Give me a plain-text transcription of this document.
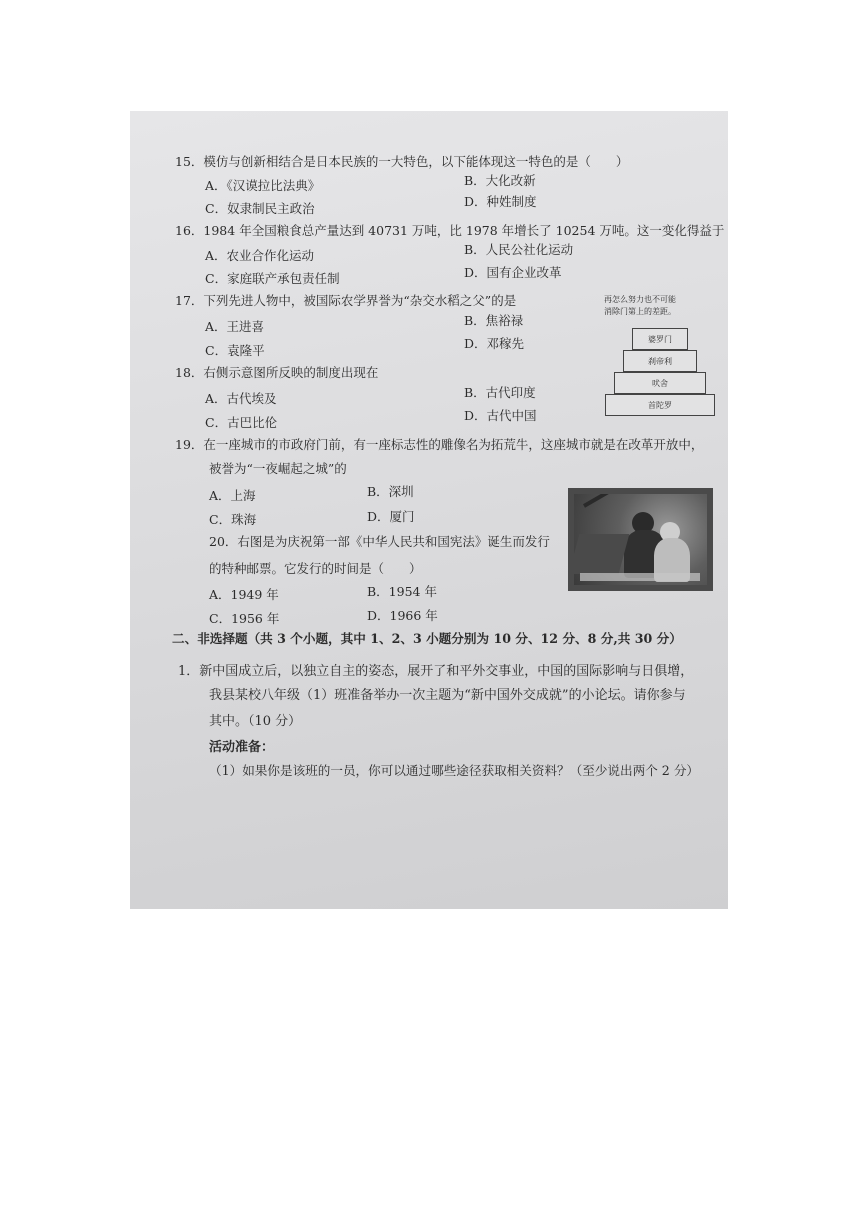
15．模仿与创新相结合是日本民族的一大特色，以下能体现这一特色的是（　　）
A．《汉谟拉比法典》	B．大化改新
C．奴隶制民主政治	D．种姓制度
16．1984 年全国粮食总产量达到 40731 万吨，比 1978 年增长了 10254 万吨。这一变化得益于
A．农业合作化运动	B．人民公社化运动
C．家庭联产承包责任制	D．国有企业改革
17．下列先进人物中，被国际农学界誉为“杂交水稻之父”的是
A．王进喜	B．焦裕禄
C．袁隆平	D．邓稼先
18．右侧示意图所反映的制度出现在
A．古代埃及	B．古代印度
C．古巴比伦	D．古代中国
再怎么努力也不可能
消除门第上的差距。
婆罗门
刹帝利
吠舍
首陀罗
19．在一座城市的市政府门前，有一座标志性的雕像名为拓荒牛，这座城市就是在改革开放中，
被誉为“一夜崛起之城”的
A．上海	B．深圳
C．珠海	D．厦门
20．右图是为庆祝第一部《中华人民共和国宪法》诞生而发行
的特种邮票。它发行的时间是（　　）
A．1949 年	B．1954 年
C．1956 年	D．1966 年
二、非选择题（共 3 个小题，其中 1、2、3 小题分别为 10 分、12 分、8 分,共 30 分）
1．新中国成立后，以独立自主的姿态，展开了和平外交事业，中国的国际影响与日俱增，
我县某校八年级（1）班准备举办一次主题为“新中国外交成就”的小论坛。请你参与
其中。（10 分）
活动准备：
（1）如果你是该班的一员，你可以通过哪些途径获取相关资料？（至少说出两个 2 分）
